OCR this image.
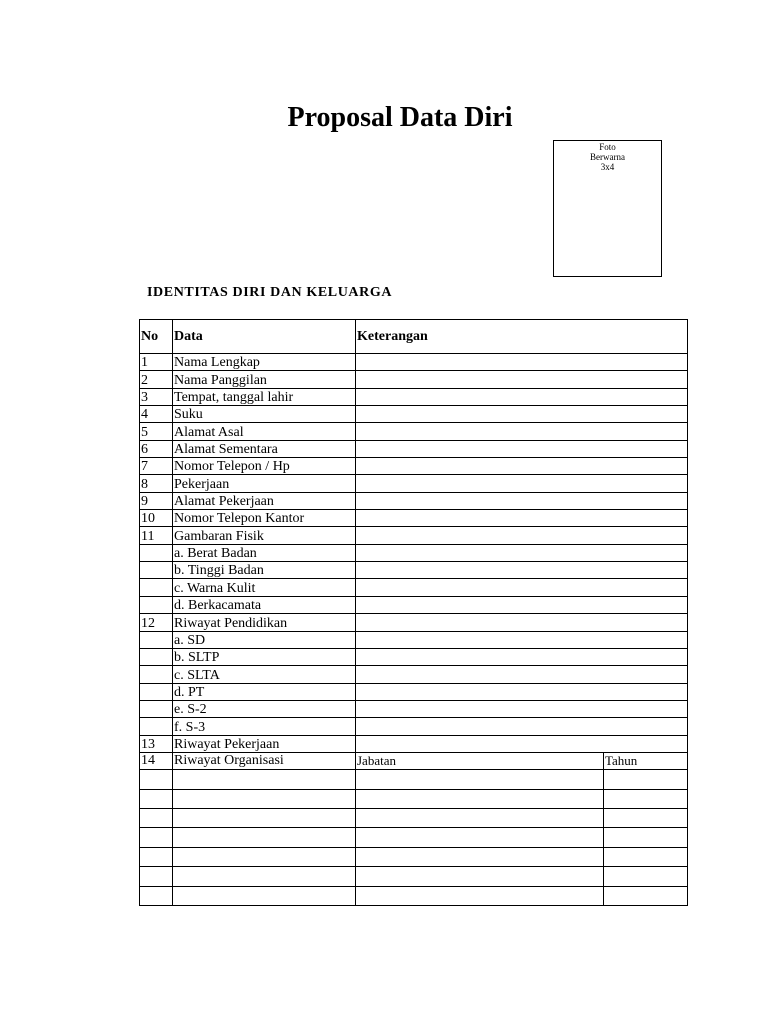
Proposal Data Diri
Foto
Berwarna
3x4
IDENTITAS DIRI DAN KELUARGA
No	Data	Keterangan	
1	Nama Lengkap		
2	Nama Panggilan		
3	Tempat, tanggal lahir		
4	Suku		
5	Alamat Asal		
6	Alamat Sementara		
7	Nomor Telepon / Hp		
8	Pekerjaan		
9	Alamat Pekerjaan		
10	Nomor Telepon Kantor		
11	Gambaran Fisik		
	a. Berat Badan		
	b. Tinggi Badan		
	c. Warna Kulit		
	d. Berkacamata		
12	Riwayat Pendidikan		
	a. SD		
	b. SLTP		
	c. SLTA		
	d. PT		
	e. S-2		
	f. S-3		
13	Riwayat Pekerjaan		
14	Riwayat Organisasi	Jabatan	Tahun
